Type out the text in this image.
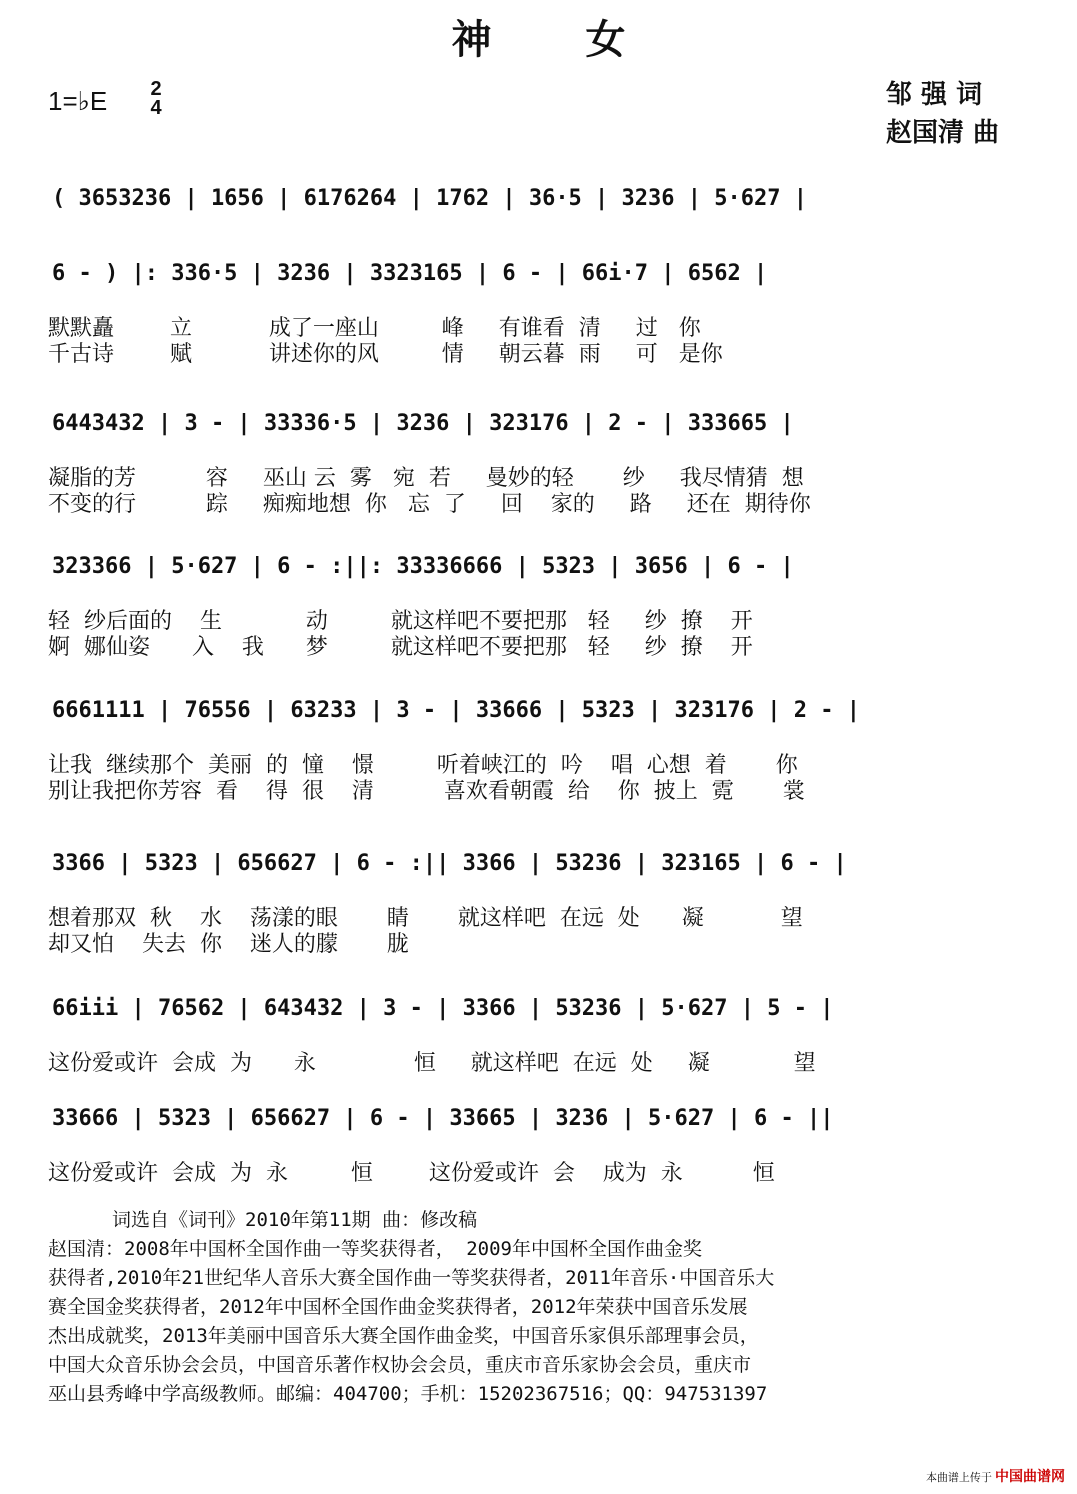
神 女
1=♭E 2
4	邹 强 词
赵国清 曲
( 3653236 | 1656 | 6176264 | 1762 | 36·5 | 3236 | 5·627 |
6 - ) |: 336·5 | 3236 | 3323165 | 6 - | 66i·7 | 6562 |
默默矗        立           成了一座山         峰     有谁看  清     过   你
千古诗        赋           讲述你的风         情     朝云暮  雨     可   是你
6443432 | 3 - | 33336·5 | 3236 | 323176 | 2 - | 333665 |
凝脂的芳          容     巫山 云  雾   宛  若     曼妙的轻       纱     我尽情猜  想
不变的行          踪     痴痴地想  你   忘  了     回    家的     路     还在  期待你
323366 | 5·627 | 6 - :||: 33336666 | 5323 | 3656 | 6 - |
轻  纱后面的    生            动         就这样吧不要把那   轻     纱  撩    开
婀  娜仙姿      入    我      梦         就这样吧不要把那   轻     纱  撩    开
6661111 | 76556 | 63233 | 3 - | 33666 | 5323 | 323176 | 2 - |
让我  继续那个  美丽  的  憧    憬         听着峡江的  吟    唱  心想  着       你
别让我把你芳容  看    得  很    清          喜欢看朝霞  给    你  披上  霓       裳
3366 | 5323 | 656627 | 6 - :|| 3366 | 53236 | 323165 | 6 - |
想着那双  秋    水    荡漾的眼       睛       就这样吧  在远  处      凝           望
却又怕    失去  你    迷人的朦       胧
66iii | 76562 | 643432 | 3 - | 3366 | 53236 | 5·627 | 5 - |
这份爱或许  会成  为      永              恒     就这样吧  在远  处     凝            望
33666 | 5323 | 656627 | 6 - | 33665 | 3236 | 5·627 | 6 - ||
这份爱或许  会成  为  永         恒        这份爱或许  会    成为  永          恒

词选自《词刊》2010年第11期 曲：修改稿

赵国清：2008年中国杯全国作曲一等奖获得者， 2009年中国杯全国作曲金奖

获得者,2010年21世纪华人音乐大赛全国作曲一等奖获得者，2011年音乐·中国音乐大

赛全国金奖获得者，2012年中国杯全国作曲金奖获得者，2012年荣获中国音乐发展

杰出成就奖，2013年美丽中国音乐大赛全国作曲金奖，中国音乐家俱乐部理事会员，

中国大众音乐协会会员，中国音乐著作权协会会员，重庆市音乐家协会会员，重庆市

巫山县秀峰中学高级教师。邮编：404700；手机：15202367516；QQ：947531397

本曲谱上传于 中国曲谱网
